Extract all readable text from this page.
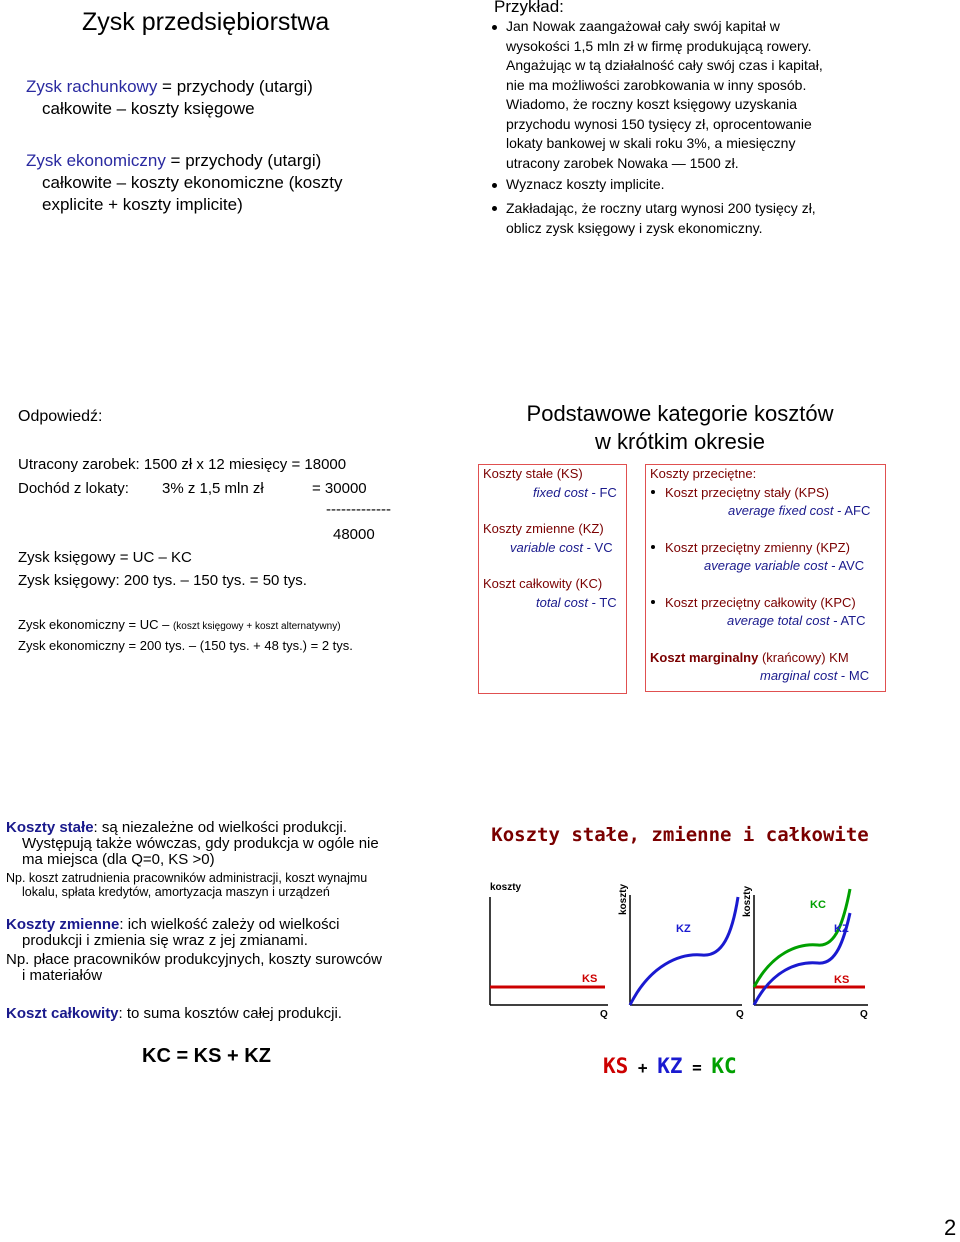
Zysk przedsiębiorstwa
Zysk rachunkowy = przychody (utargi)
całkowite – koszty księgowe
Zysk ekonomiczny = przychody (utargi)
całkowite – koszty ekonomiczne (koszty
explicite + koszty implicite)
Przykład:
Jan Nowak zaangażował cały swój kapitał w
wysokości 1,5 mln zł w firmę produkującą rowery.
Angażując w tą działalność cały swój czas i kapitał,
nie ma możliwości zarobkowania w inny sposób.
Wiadomo, że roczny koszt księgowy uzyskania
przychodu wynosi 150 tysięcy zł, oprocentowanie
lokaty bankowej w skali roku 3%, a miesięczny
utracony zarobek Nowaka — 1500 zł.
Wyznacz koszty implicite.
Zakładając, że roczny utarg wynosi 200 tysięcy zł,
oblicz zysk księgowy i zysk ekonomiczny.
Odpowiedź:
Utracony zarobek: 1500 zł x 12 miesięcy = 18000
Dochód z lokaty: 3% z 1,5 mln zł	= 30000
-------------
48000
Zysk księgowy = UC – KC
Zysk księgowy: 200 tys. – 150 tys. = 50 tys.
Zysk ekonomiczny = UC – (koszt księgowy + koszt alternatywny)
Zysk ekonomiczny = 200 tys. – (150 tys. + 48 tys.) = 2 tys.
Podstawowe kategorie kosztów
w krótkim okresie
Koszty stałe (KS)
fixed cost - FC
Koszty zmienne (KZ)
variable cost - VC
Koszt całkowity (KC)
total cost - TC
Koszty przeciętne:
Koszt przeciętny stały (KPS)
average fixed cost - AFC
Koszt przeciętny zmienny (KPZ)
average variable cost - AVC
Koszt przeciętny całkowity (KPC)
average total cost - ATC
Koszt marginalny (krańcowy) KM
marginal cost - MC
Koszty stałe: są niezależne od wielkości produkcji.
Występują także wówczas, gdy produkcja w ogóle nie
ma miejsca (dla Q=0, KS >0)
Np. koszt zatrudnienia pracowników administracji, koszt wynajmu
lokalu, spłata kredytów, amortyzacja maszyn i urządzeń
Koszty zmienne: ich wielkość zależy od wielkości
produkcji i zmienia się wraz z jej zmianami.
Np. płace pracowników produkcyjnych, koszty surowców
i materiałów
Koszt całkowity: to suma kosztów całej produkcji.
KC = KS + KZ
Koszty stałe, zmienne i całkowite
koszty
KS
Q
koszty
KZ
Q
koszty	KC
KZ
KS
Q
KS + KZ = KC
2
